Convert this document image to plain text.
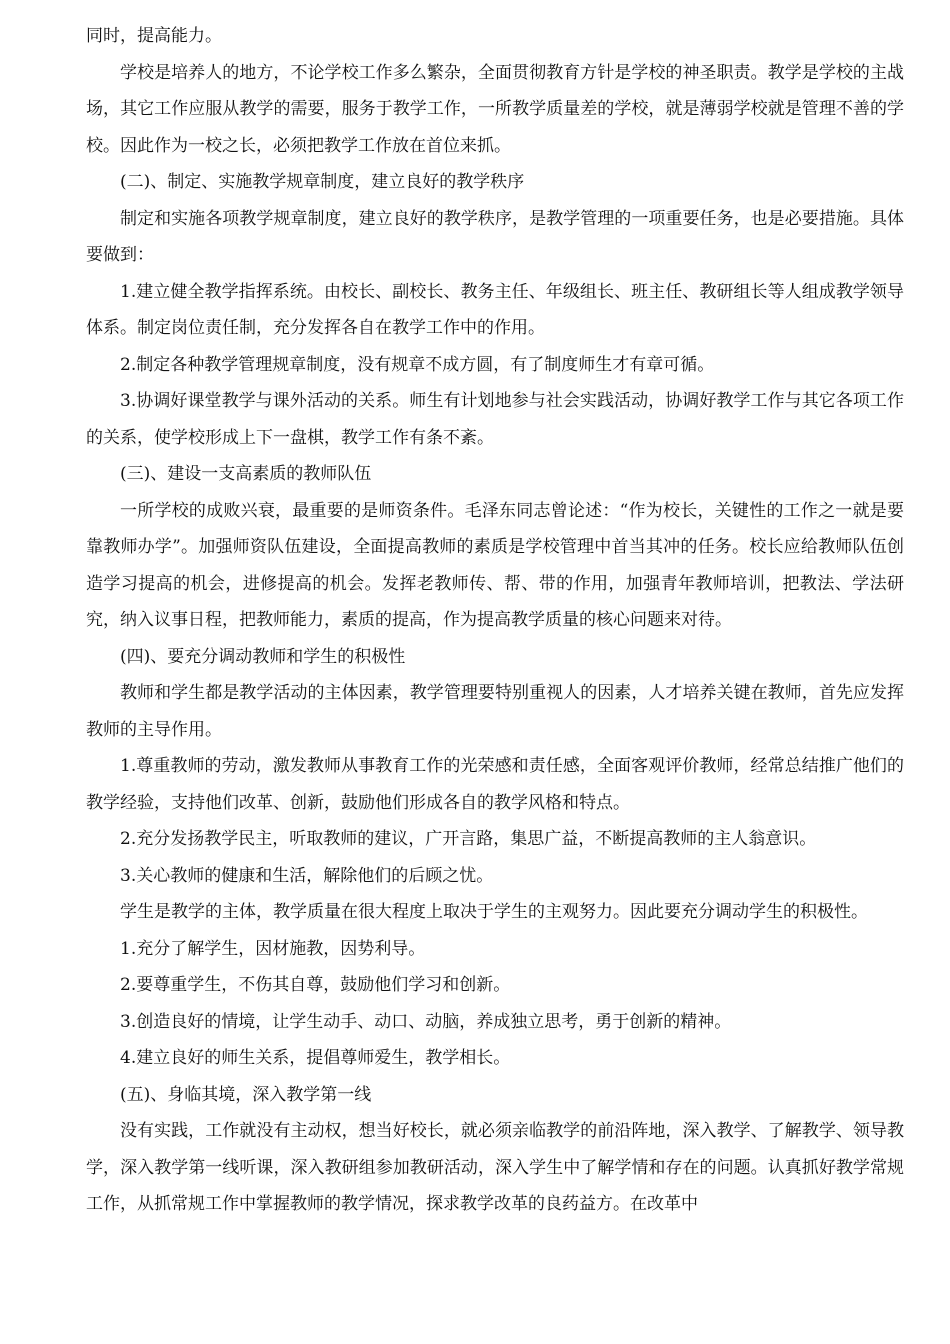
同时，提高能力。

学校是培养人的地方，不论学校工作多么繁杂，全面贯彻教育方针是学校的神圣职责。教学是学校的主战场，其它工作应服从教学的需要，服务于教学工作，一所教学质量差的学校，就是薄弱学校就是管理不善的学校。因此作为一校之长，必须把教学工作放在首位来抓。

(二)、制定、实施教学规章制度，建立良好的教学秩序

制定和实施各项教学规章制度，建立良好的教学秩序，是教学管理的一项重要任务，也是必要措施。具体要做到：

1.建立健全教学指挥系统。由校长、副校长、教务主任、年级组长、班主任、教研组长等人组成教学领导体系。制定岗位责任制，充分发挥各自在教学工作中的作用。

2.制定各种教学管理规章制度，没有规章不成方圆，有了制度师生才有章可循。

3.协调好课堂教学与课外活动的关系。师生有计划地参与社会实践活动，协调好教学工作与其它各项工作的关系，使学校形成上下一盘棋，教学工作有条不紊。

(三)、建设一支高素质的教师队伍

一所学校的成败兴衰，最重要的是师资条件。毛泽东同志曾论述：“作为校长，关键性的工作之一就是要靠教师办学”。加强师资队伍建设，全面提高教师的素质是学校管理中首当其冲的任务。校长应给教师队伍创造学习提高的机会，进修提高的机会。发挥老教师传、帮、带的作用，加强青年教师培训，把教法、学法研究，纳入议事日程，把教师能力，素质的提高，作为提高教学质量的核心问题来对待。

(四)、要充分调动教师和学生的积极性

教师和学生都是教学活动的主体因素，教学管理要特别重视人的因素，人才培养关键在教师，首先应发挥教师的主导作用。

1.尊重教师的劳动，激发教师从事教育工作的光荣感和责任感，全面客观评价教师，经常总结推广他们的教学经验，支持他们改革、创新，鼓励他们形成各自的教学风格和特点。

2.充分发扬教学民主，听取教师的建议，广开言路，集思广益，不断提高教师的主人翁意识。

3.关心教师的健康和生活，解除他们的后顾之忧。

学生是教学的主体，教学质量在很大程度上取决于学生的主观努力。因此要充分调动学生的积极性。

1.充分了解学生，因材施教，因势利导。

2.要尊重学生，不伤其自尊，鼓励他们学习和创新。

3.创造良好的情境，让学生动手、动口、动脑，养成独立思考，勇于创新的精神。

4.建立良好的师生关系，提倡尊师爱生，教学相长。

(五)、身临其境，深入教学第一线

没有实践，工作就没有主动权，想当好校长，就必须亲临教学的前沿阵地，深入教学、了解教学、领导教学，深入教学第一线听课，深入教研组参加教研活动，深入学生中了解学情和存在的问题。认真抓好教学常规工作，从抓常规工作中掌握教师的教学情况，探求教学改革的良药益方。在改革中
